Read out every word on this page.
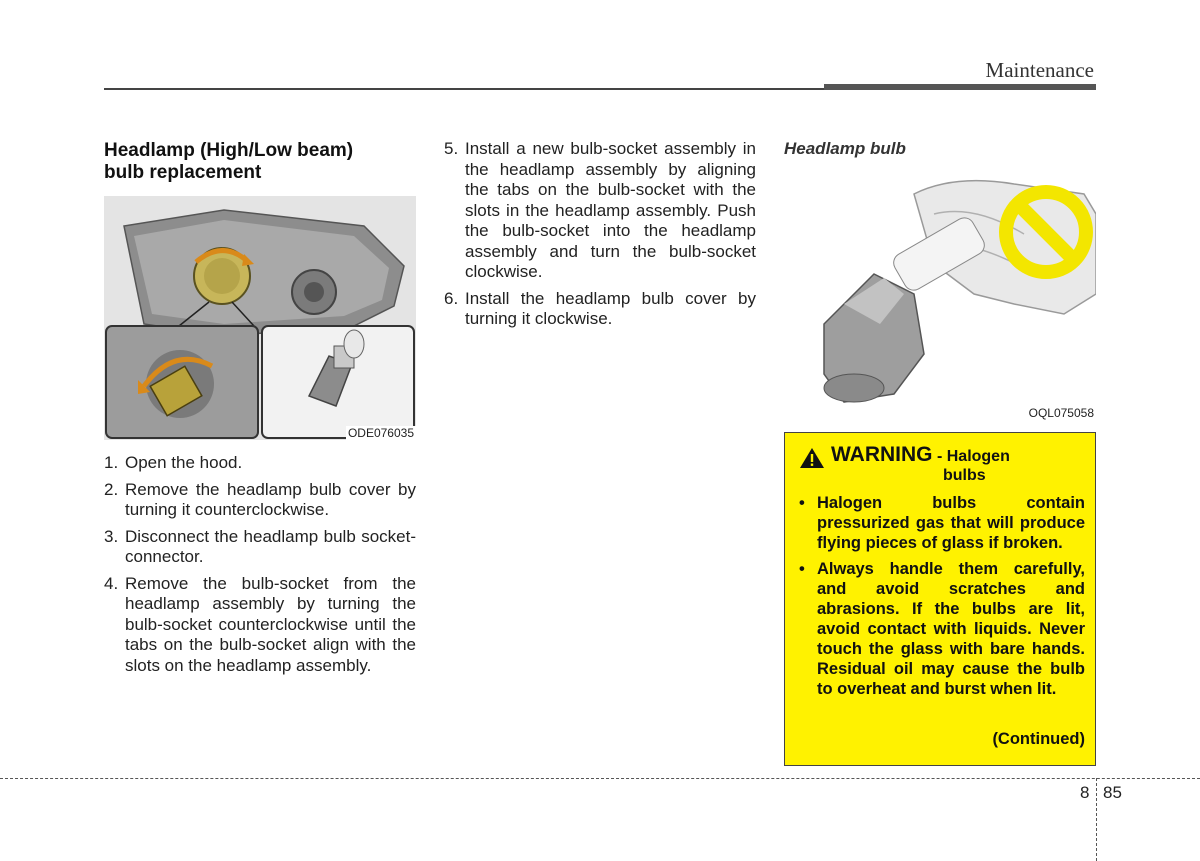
Maintenance
Headlamp (High/Low beam)
bulb replacement
ODE076035
1. Open the hood.
2. Remove the headlamp bulb cover by turning it counterclockwise.
3. Disconnect the headlamp bulb socket-connector.
4. Remove the bulb-socket from the headlamp assembly by turning the bulb-socket counterclockwise until the tabs on the bulb-socket align with the slots on the headlamp assembly.
5. Install a new bulb-socket assembly in the headlamp assembly by aligning the tabs on the bulb-socket with the slots in the headlamp assembly. Push the bulb-socket into the headlamp assembly and turn the bulb-socket clockwise.
6. Install the headlamp bulb cover by turning it clockwise.
Headlamp bulb
OQL075058
WARNING - Halogen
bulbs
• Halogen bulbs contain pressurized gas that will produce flying pieces of glass if broken.
• Always handle them carefully, and avoid scratches and abrasions. If the bulbs are lit, avoid contact with liquids. Never touch the glass with bare hands. Residual oil may cause the bulb to overheat and burst when lit.
(Continued)
8 85
